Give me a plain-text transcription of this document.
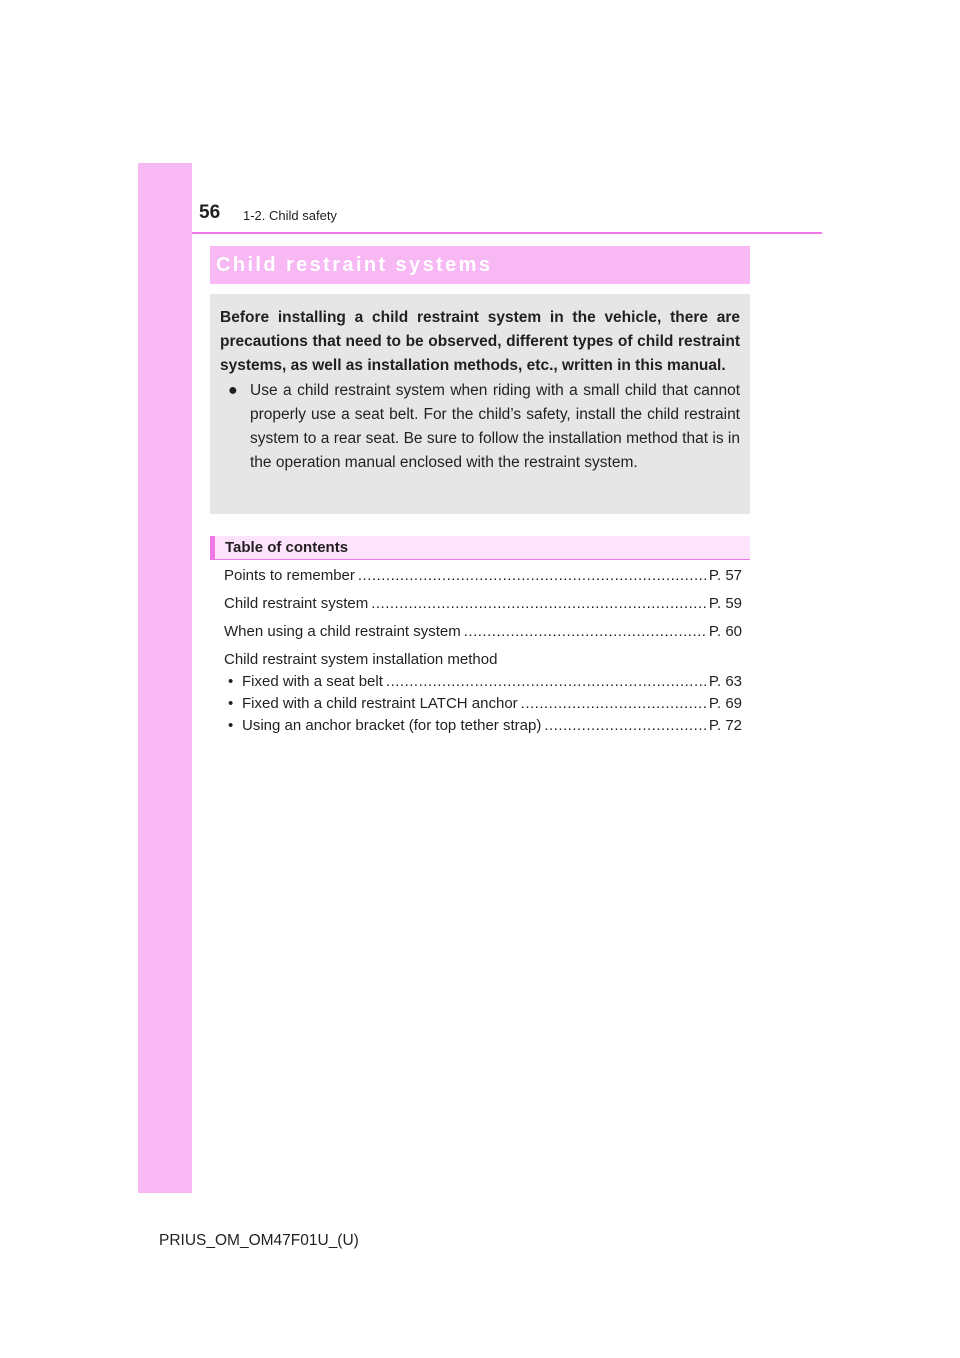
56 1-2. Child safety
Child restraint systems

Before installing a child restraint system in the vehicle, there are precautions that need to be observed, different types of child restraint systems, as well as installation methods, etc., written in this manual.

● Use a child restraint system when riding with a small child that cannot properly use a seat belt. For the child’s safety, install the child restraint system to a rear seat. Be sure to follow the installation method that is in the operation manual enclosed with the restraint system.
Table of contents
Points to remember .....	P. 57
Child restraint system .....	P. 59
When using a child restraint system .....	P. 60
Child restraint system installation method
• Fixed with a seat belt .....	P. 63
• Fixed with a child restraint LATCH anchor .....	P. 69
• Using an anchor bracket (for top tether strap) .....	P. 72
PRIUS_OM_OM47F01U_(U)
